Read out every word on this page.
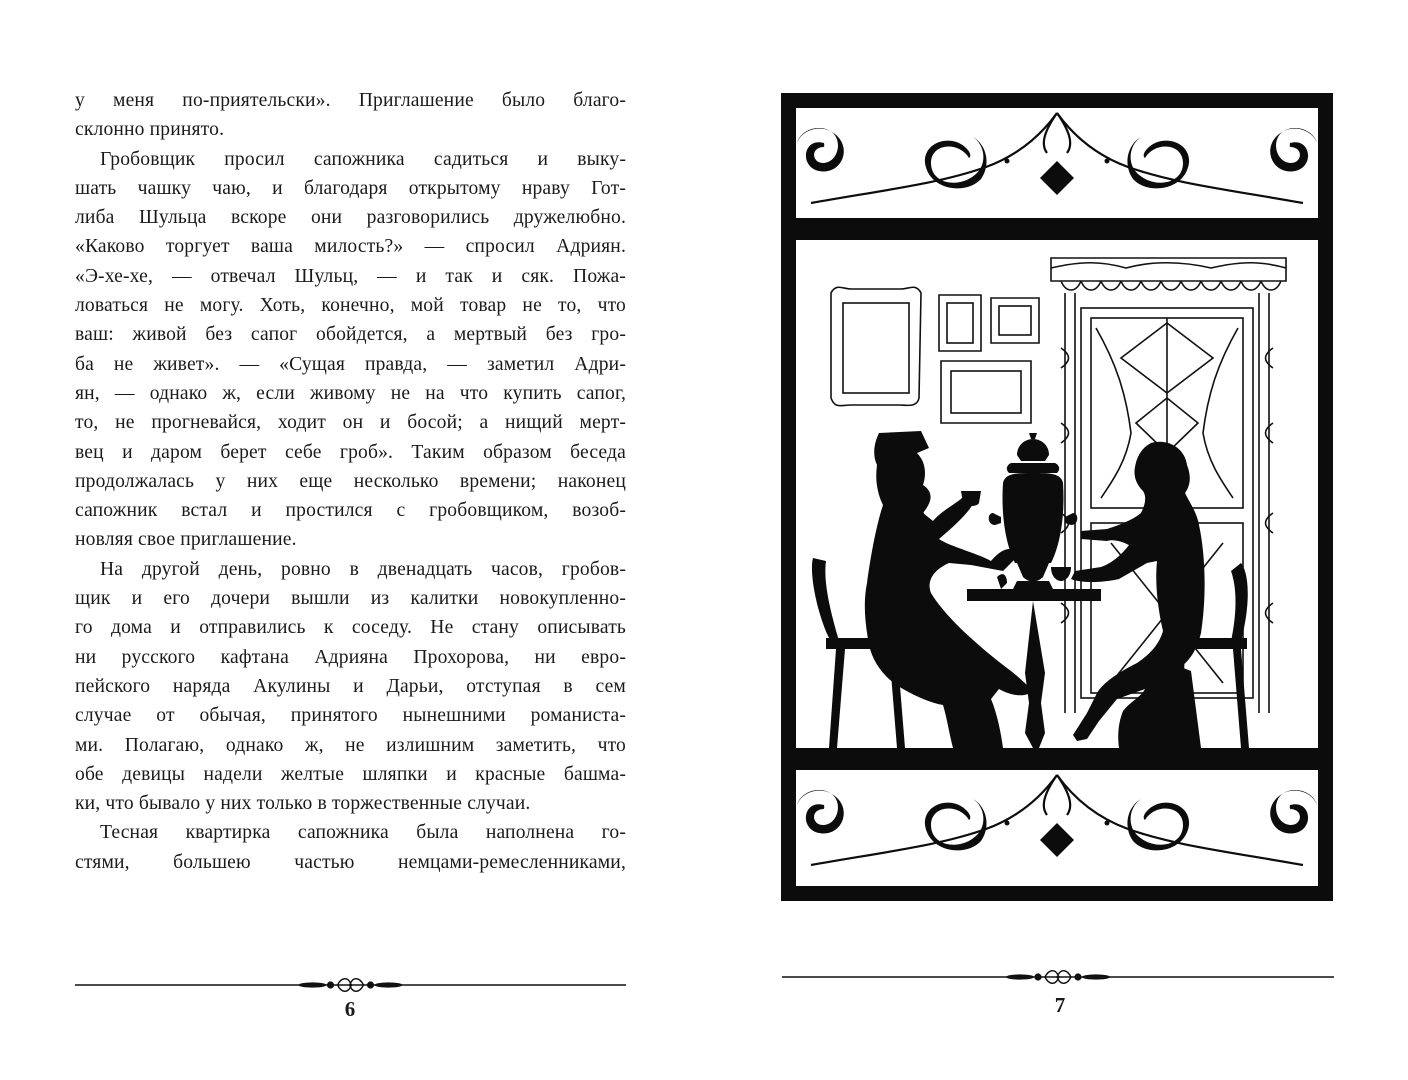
у меня по-приятельски». Приглашение было благо-
склонно принято.
Гробовщик просил сапожника садиться и выку-
шать чашку чаю, и благодаря открытому нраву Гот-
либа Шульца вскоре они разговорились дружелюбно.
«Каково торгует ваша милость?» — спросил Адриян.
«Э-хе-хе, — отвечал Шульц, — и так и сяк. Пожа-
ловаться не могу. Хоть, конечно, мой товар не то, что
ваш: живой без сапог обойдется, а мертвый без гро-
ба не живет». — «Сущая правда, — заметил Адри-
ян, — однако ж, если живому не на что купить сапог,
то, не прогневайся, ходит он и босой; а нищий мерт-
вец и даром берет себе гроб». Таким образом беседа
продолжалась у них еще несколько времени; наконец
сапожник встал и простился с гробовщиком, возоб-
новляя свое приглашение.
На другой день, ровно в двенадцать часов, гробов-
щик и его дочери вышли из калитки новокупленно-
го дома и отправились к соседу. Не стану описывать
ни русского кафтана Адрияна Прохорова, ни евро-
пейского наряда Акулины и Дарьи, отступая в сем
случае от обычая, принятого нынешними романиста-
ми. Полагаю, однако ж, не излишним заметить, что
обе девицы надели желтые шляпки и красные башма-
ки, что бывало у них только в торжественные случаи.
Тесная квартирка сапожника была наполнена го-
стями, большею частью немцами-ремесленниками,
6	7
